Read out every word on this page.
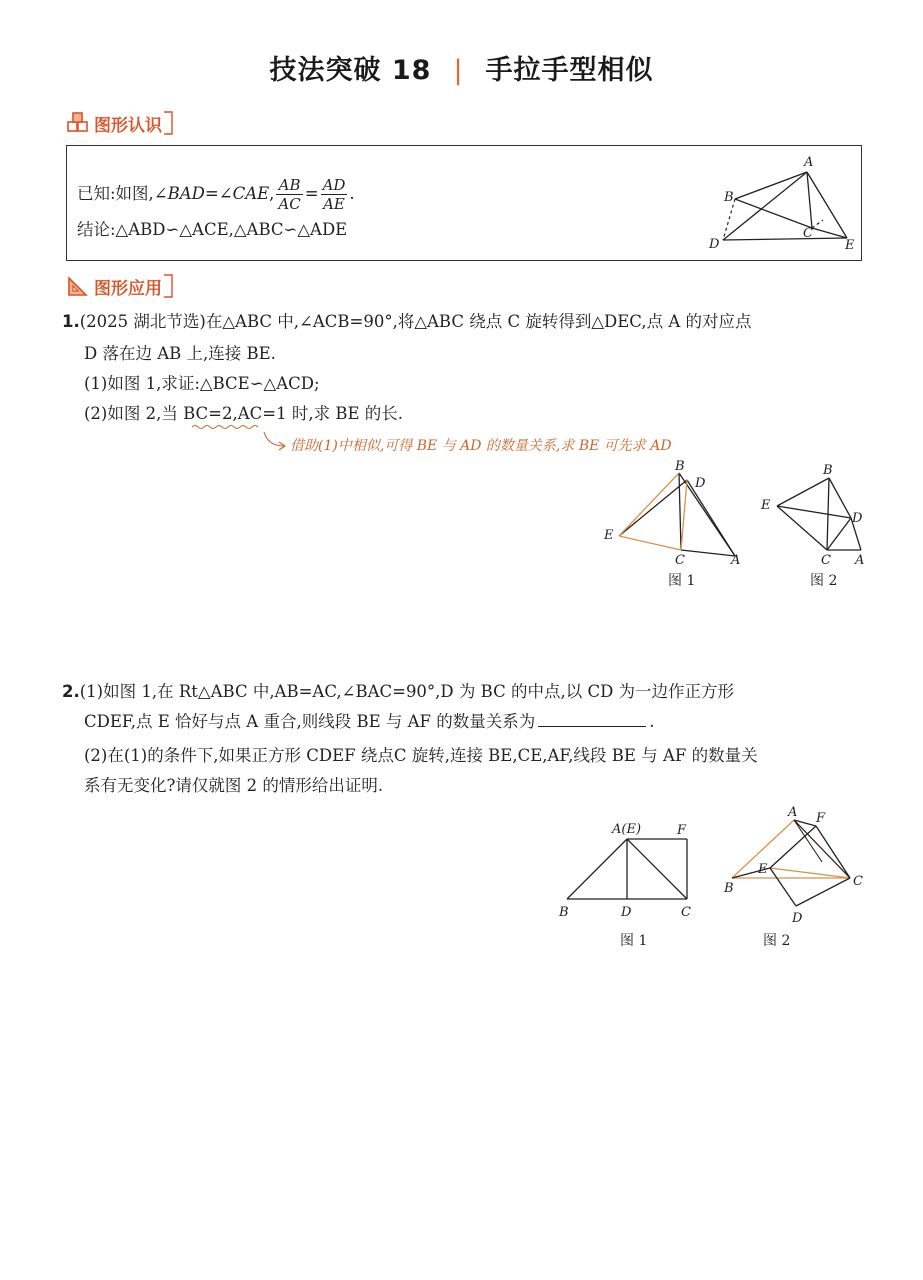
技法突破 18 | 手拉手型相似
图形认识
已知:如图,∠BAD=∠CAE, $\frac{AB}{AC} = \frac{AD}{AE}$ .
结论:△ABD∽△ACE,△ABC∽△ADE
A
B
C
D	E
图形应用
1.(2025 湖北节选)在△ABC 中,∠ACB=90°,将△ABC 绕点 C 旋转得到△DEC,点 A 的对应点
D 落在边 AB 上,连接 BE.
(1)如图 1,求证:△BCE∽△ACD;
(2)如图 2,当 BC=2,AC=1 时,求 BE 的长.
借助(1)中相似,可得 BE 与 AD 的数量关系,求 BE 可先求 AD
B
D
E
C	A
图 1
B
E
D
C A
图 2
2.(1)如图 1,在 Rt△ABC 中,AB=AC,∠BAC=90°,D 为 BC 的中点,以 CD 为一边作正方形
CDEF,点 E 恰好与点 A 重合,则线段 BE 与 AF 的数量关系为	.
(2)在(1)的条件下,如果正方形 CDEF 绕点C 旋转,连接 BE,CE,AF,线段 BE 与 AF 的数量关
系有无变化?请仅就图 2 的情形给出证明.
A(E)	F
B	D	C
图 1
A F
E
B	C
D
图 2
